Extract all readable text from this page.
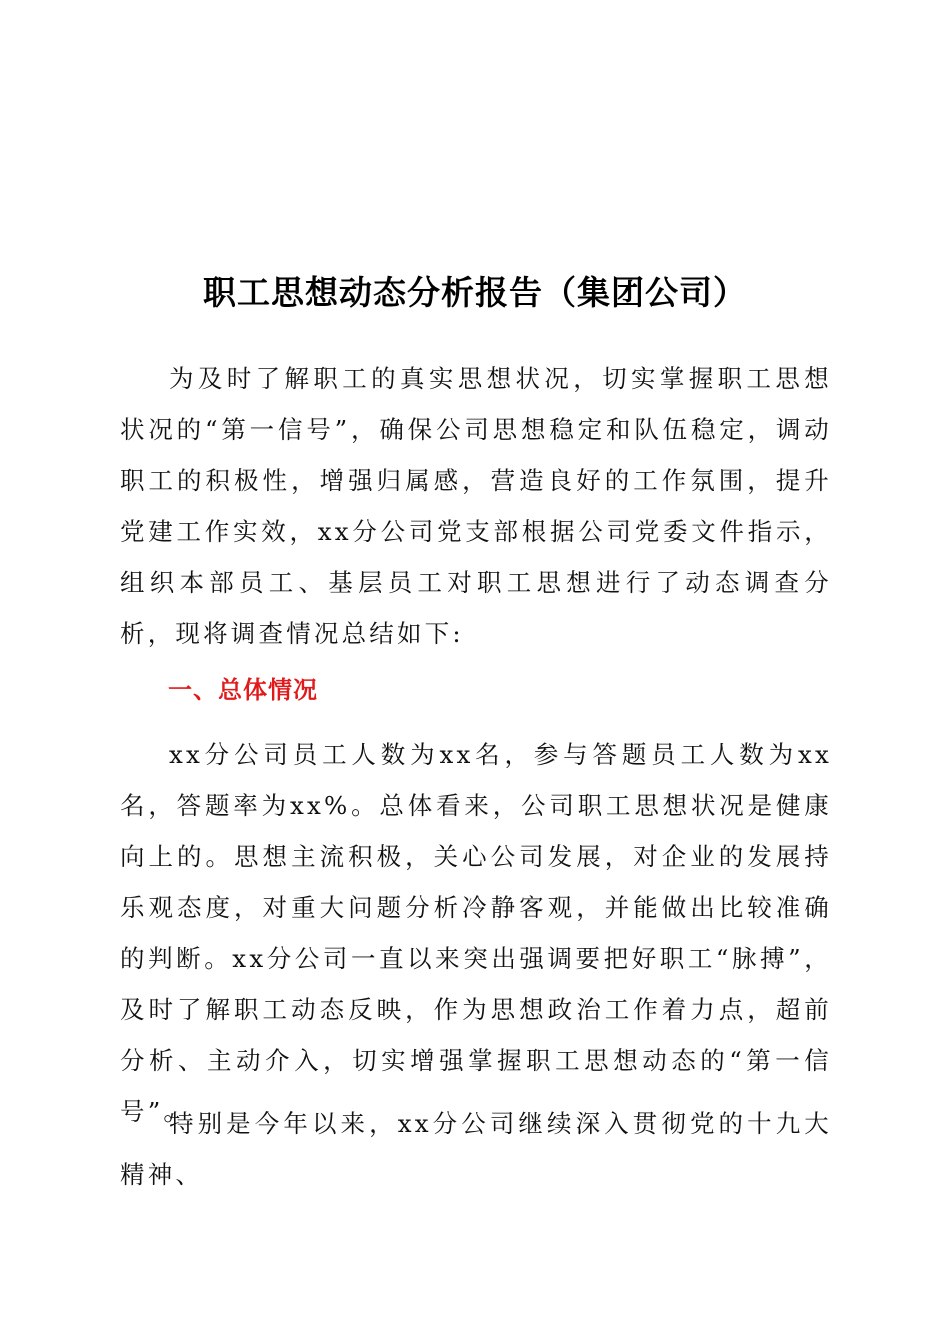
职工思想动态分析报告（集团公司）

为及时了解职工的真实思想状况，切实掌握职工思想状况的“第一信号”，确保公司思想稳定和队伍稳定，调动职工的积极性，增强归属感，营造良好的工作氛围，提升党建工作实效，xx分公司党支部根据公司党委文件指示，组织本部员工、基层员工对职工思想进行了动态调查分析，现将调查情况总结如下:

一、总体情况

xx分公司员工人数为xx名，参与答题员工人数为xx名，答题率为xx%。总体看来，公司职工思想状况是健康向上的。思想主流积极，关心公司发展，对企业的发展持乐观态度，对重大问题分析冷静客观，并能做出比较准确的判断。xx分公司一直以来突出强调要把好职工“脉搏”，及时了解职工动态反映，作为思想政治工作着力点，超前分析、主动介入，切实增强掌握职工思想动态的“第一信号”。

特别是今年以来，xx分公司继续深入贯彻党的十九大精神、
